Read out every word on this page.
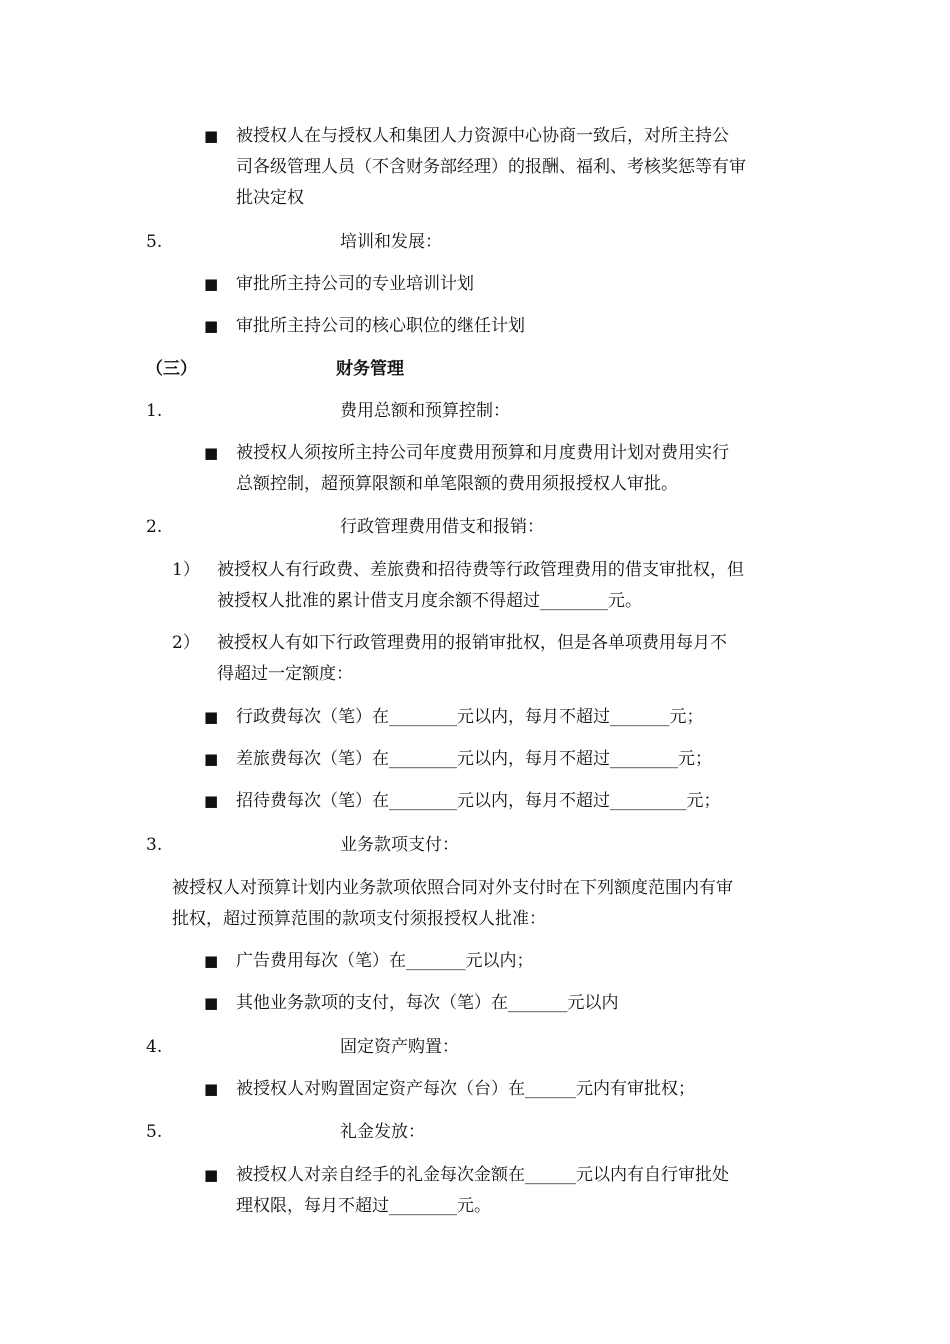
■ 被授权人在与授权人和集团人力资源中心协商一致后，对所主持公
司各级管理人员（不含财务部经理）的报酬、福利、考核奖惩等有审
批决定权
5.	培训和发展：
■ 审批所主持公司的专业培训计划
■ 审批所主持公司的核心职位的继任计划
（三）	财务管理
1.	费用总额和预算控制：
■ 被授权人须按所主持公司年度费用预算和月度费用计划对费用实行
总额控制，超预算限额和单笔限额的费用须报授权人审批。
2.	行政管理费用借支和报销：
1） 被授权人有行政费、差旅费和招待费等行政管理费用的借支审批权，但
被授权人批准的累计借支月度余额不得超过________元。
2） 被授权人有如下行政管理费用的报销审批权，但是各单项费用每月不
得超过一定额度：
■ 行政费每次（笔）在________元以内，每月不超过_______元；
■ 差旅费每次（笔）在________元以内，每月不超过________元；
■ 招待费每次（笔）在________元以内，每月不超过_________元；
3.	业务款项支付：
被授权人对预算计划内业务款项依照合同对外支付时在下列额度范围内有审
批权，超过预算范围的款项支付须报授权人批准：
■ 广告费用每次（笔）在_______元以内；
■ 其他业务款项的支付，每次（笔）在_______元以内
4.	固定资产购置：
■ 被授权人对购置固定资产每次（台）在______元内有审批权；
5.	礼金发放：
■ 被授权人对亲自经手的礼金每次金额在______元以内有自行审批处
理权限，每月不超过________元。
